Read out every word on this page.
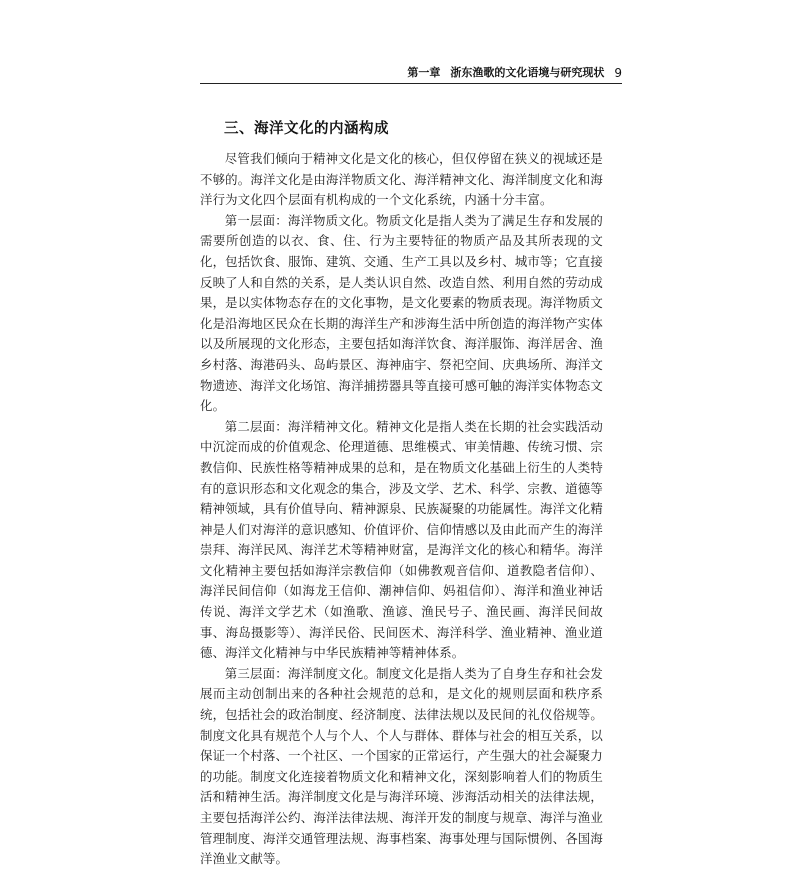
第一章 浙东渔歌的文化语境与研究现状 9
三、海洋文化的内涵构成

尽管我们倾向于精神文化是文化的核心，但仅停留在狭义的视域还是不够的。海洋文化是由海洋物质文化、海洋精神文化、海洋制度文化和海洋行为文化四个层面有机构成的一个文化系统，内涵十分丰富。

第一层面：海洋物质文化。物质文化是指人类为了满足生存和发展的需要所创造的以衣、食、住、行为主要特征的物质产品及其所表现的文化，包括饮食、服饰、建筑、交通、生产工具以及乡村、城市等；它直接反映了人和自然的关系，是人类认识自然、改造自然、利用自然的劳动成果，是以实体物态存在的文化事物，是文化要素的物质表现。海洋物质文化是沿海地区民众在长期的海洋生产和涉海生活中所创造的海洋物产实体以及所展现的文化形态，主要包括如海洋饮食、海洋服饰、海洋居舍、渔乡村落、海港码头、岛屿景区、海神庙宇、祭祀空间、庆典场所、海洋文物遗迹、海洋文化场馆、海洋捕捞器具等直接可感可触的海洋实体物态文化。

第二层面：海洋精神文化。精神文化是指人类在长期的社会实践活动中沉淀而成的价值观念、伦理道德、思维模式、审美情趣、传统习惯、宗教信仰、民族性格等精神成果的总和，是在物质文化基础上衍生的人类特有的意识形态和文化观念的集合，涉及文学、艺术、科学、宗教、道德等精神领域，具有价值导向、精神源泉、民族凝聚的功能属性。海洋文化精神是人们对海洋的意识感知、价值评价、信仰情感以及由此而产生的海洋崇拜、海洋民风、海洋艺术等精神财富，是海洋文化的核心和精华。海洋文化精神主要包括如海洋宗教信仰（如佛教观音信仰、道教隐者信仰）、海洋民间信仰（如海龙王信仰、潮神信仰、妈祖信仰）、海洋和渔业神话传说、海洋文学艺术（如渔歌、渔谚、渔民号子、渔民画、海洋民间故事、海岛摄影等）、海洋民俗、民间医术、海洋科学、渔业精神、渔业道德、海洋文化精神与中华民族精神等精神体系。

第三层面：海洋制度文化。制度文化是指人类为了自身生存和社会发展而主动创制出来的各种社会规范的总和，是文化的规则层面和秩序系统，包括社会的政治制度、经济制度、法律法规以及民间的礼仪俗规等。制度文化具有规范个人与个人、个人与群体、群体与社会的相互关系，以保证一个村落、一个社区、一个国家的正常运行，产生强大的社会凝聚力的功能。制度文化连接着物质文化和精神文化，深刻影响着人们的物质生活和精神生活。海洋制度文化是与海洋环境、涉海活动相关的法律法规，主要包括海洋公约、海洋法律法规、海洋开发的制度与规章、海洋与渔业管理制度、海洋交通管理法规、海事档案、海事处理与国际惯例、各国海洋渔业文献等。
